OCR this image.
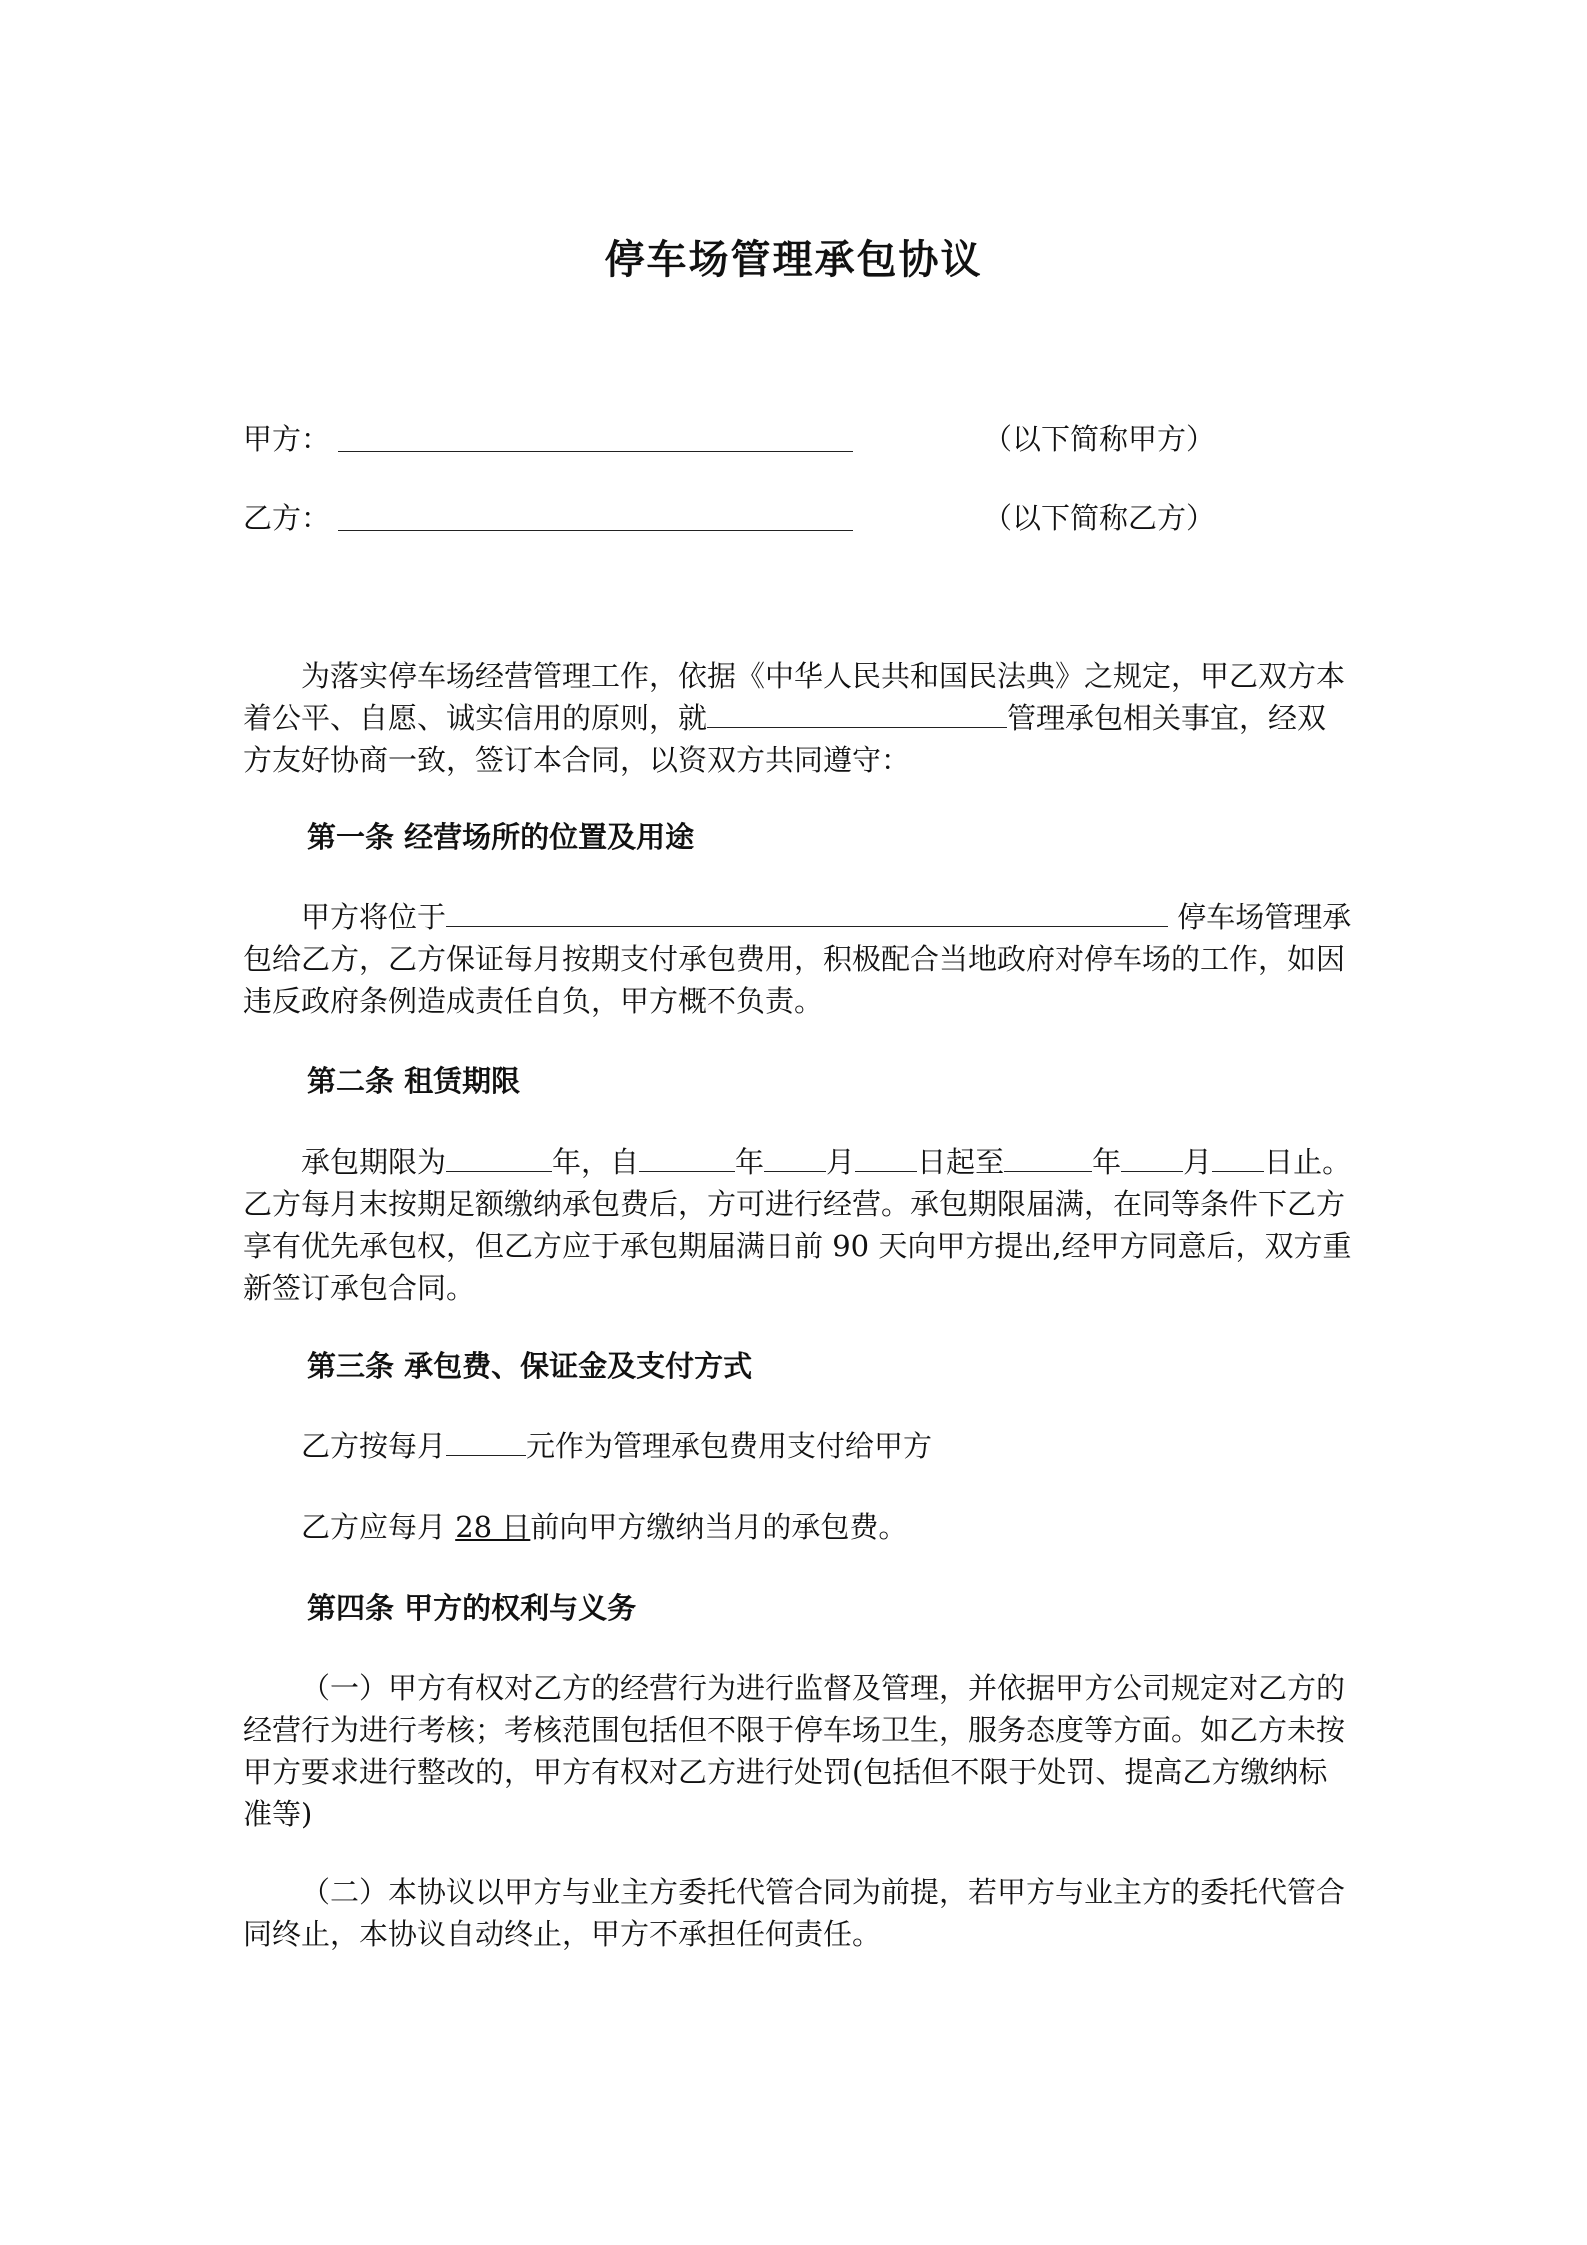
停车场管理承包协议
甲方：	（以下简称甲方）
乙方：	（以下简称乙方）

为落实停车场经营管理工作，依据《中华人民共和国民法典》之规定，甲乙双方本着公平、自愿、诚实信用的原则，就	管理承包相关事宜，经双方友好协商一致，签订本合同，以资双方共同遵守：

第一条 经营场所的位置及用途

甲方将位于	停车场管理承包给乙方，乙方保证每月按期支付承包费用，积极配合当地政府对停车场的工作，如因违反政府条例造成责任自负，甲方概不负责。

第二条 租赁期限

承包期限为	年，自	年 月 日起至	年 月 日止。乙方每月末按期足额缴纳承包费后，方可进行经营。承包期限届满，在同等条件下乙方享有优先承包权，但乙方应于承包期届满日前 90 天向甲方提出,经甲方同意后，双方重新签订承包合同。

第三条 承包费、保证金及支付方式

乙方按每月	元作为管理承包费用支付给甲方

乙方应每月 28 日前向甲方缴纳当月的承包费。

第四条 甲方的权利与义务

（一）甲方有权对乙方的经营行为进行监督及管理，并依据甲方公司规定对乙方的经营行为进行考核；考核范围包括但不限于停车场卫生，服务态度等方面。如乙方未按甲方要求进行整改的，甲方有权对乙方进行处罚(包括但不限于处罚、提高乙方缴纳标准等)

（二）本协议以甲方与业主方委托代管合同为前提，若甲方与业主方的委托代管合同终止，本协议自动终止，甲方不承担任何责任。
